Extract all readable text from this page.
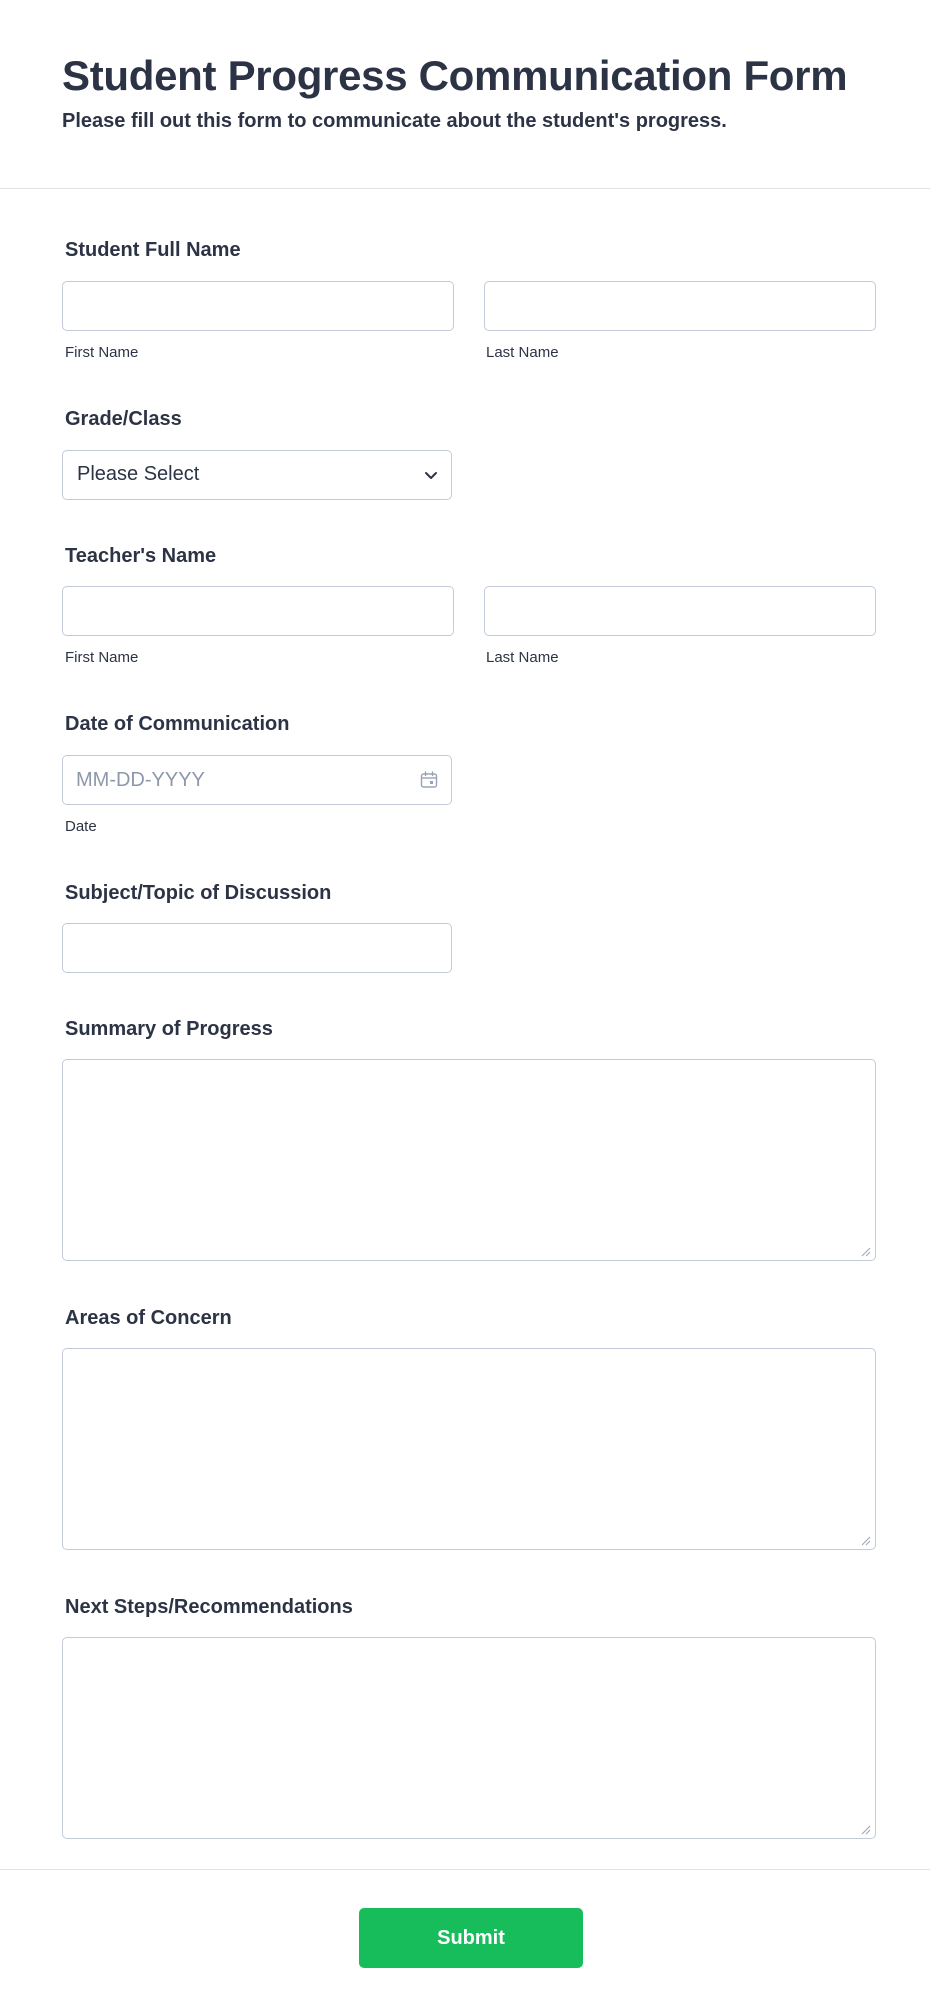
Student Progress Communication Form
Please fill out this form to communicate about the student's progress.
Student Full Name
First Name	Last Name
Grade/Class
Please Select
Teacher's Name
First Name	Last Name
Date of Communication
MM-DD-YYYY
Date
Subject/Topic of Discussion
Summary of Progress
Areas of Concern
Next Steps/Recommendations
Submit
